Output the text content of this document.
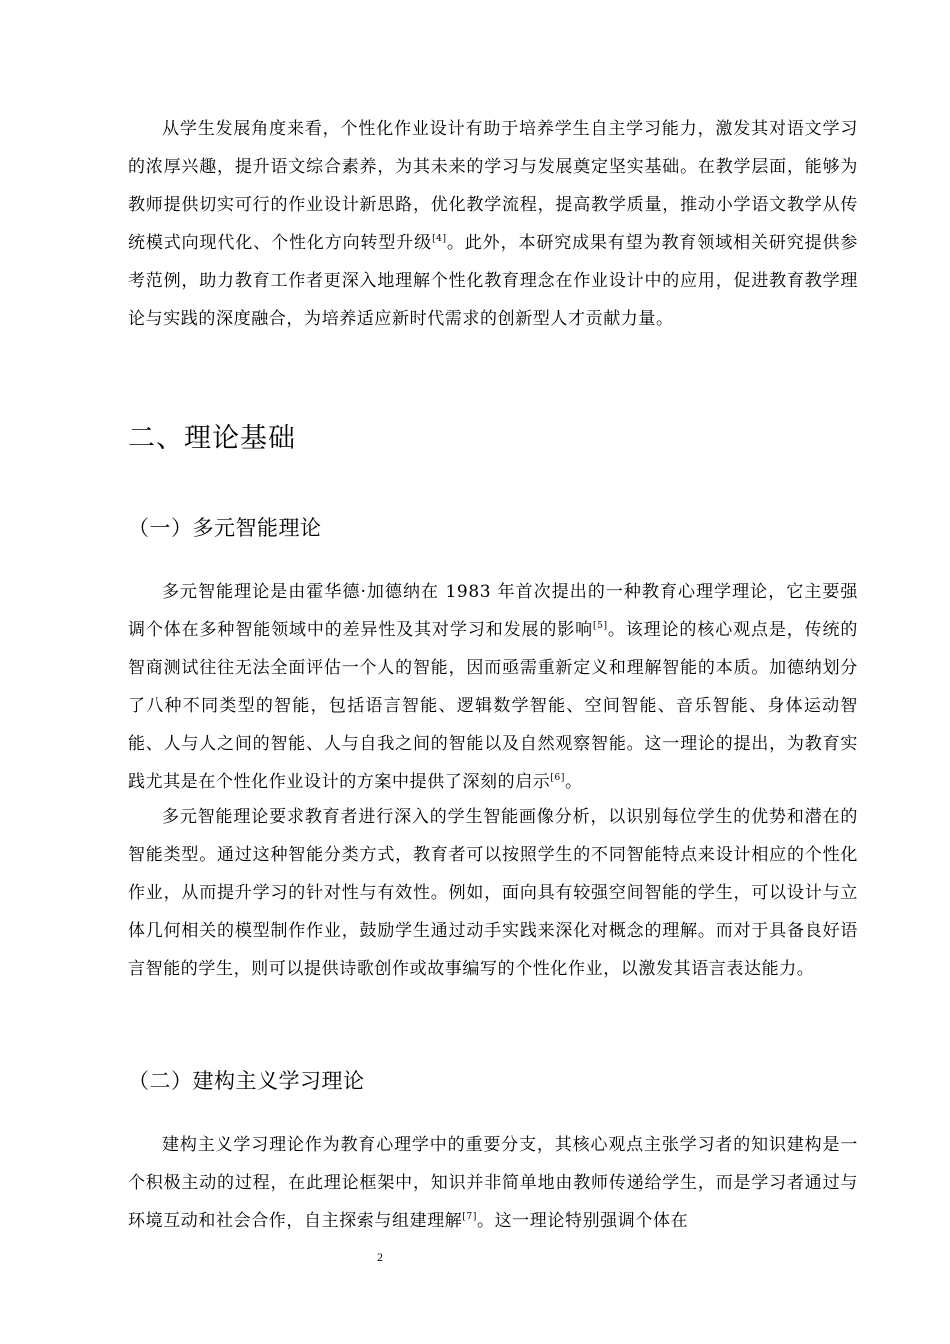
从学生发展角度来看，个性化作业设计有助于培养学生自主学习能力，激发其对语文学习的浓厚兴趣，提升语文综合素养，为其未来的学习与发展奠定坚实基础。在教学层面，能够为教师提供切实可行的作业设计新思路，优化教学流程，提高教学质量，推动小学语文教学从传统模式向现代化、个性化方向转型升级[4]。此外，本研究成果有望为教育领域相关研究提供参考范例，助力教育工作者更深入地理解个性化教育理念在作业设计中的应用，促进教育教学理论与实践的深度融合，为培养适应新时代需求的创新型人才贡献力量。

二、理论基础
（一）多元智能理论

多元智能理论是由霍华德·加德纳在 1983 年首次提出的一种教育心理学理论，它主要强调个体在多种智能领域中的差异性及其对学习和发展的影响[5]。该理论的核心观点是，传统的智商测试往往无法全面评估一个人的智能，因而亟需重新定义和理解智能的本质。加德纳划分了八种不同类型的智能，包括语言智能、逻辑数学智能、空间智能、音乐智能、身体运动智能、人与人之间的智能、人与自我之间的智能以及自然观察智能。这一理论的提出，为教育实践尤其是在个性化作业设计的方案中提供了深刻的启示[6]。

多元智能理论要求教育者进行深入的学生智能画像分析，以识别每位学生的优势和潜在的智能类型。通过这种智能分类方式，教育者可以按照学生的不同智能特点来设计相应的个性化作业，从而提升学习的针对性与有效性。例如，面向具有较强空间智能的学生，可以设计与立体几何相关的模型制作作业，鼓励学生通过动手实践来深化对概念的理解。而对于具备良好语言智能的学生，则可以提供诗歌创作或故事编写的个性化作业，以激发其语言表达能力。

（二）建构主义学习理论

建构主义学习理论作为教育心理学中的重要分支，其核心观点主张学习者的知识建构是一个积极主动的过程，在此理论框架中，知识并非简单地由教师传递给学生，而是学习者通过与环境互动和社会合作，自主探索与组建理解[7]。这一理论特别强调个体在

2
